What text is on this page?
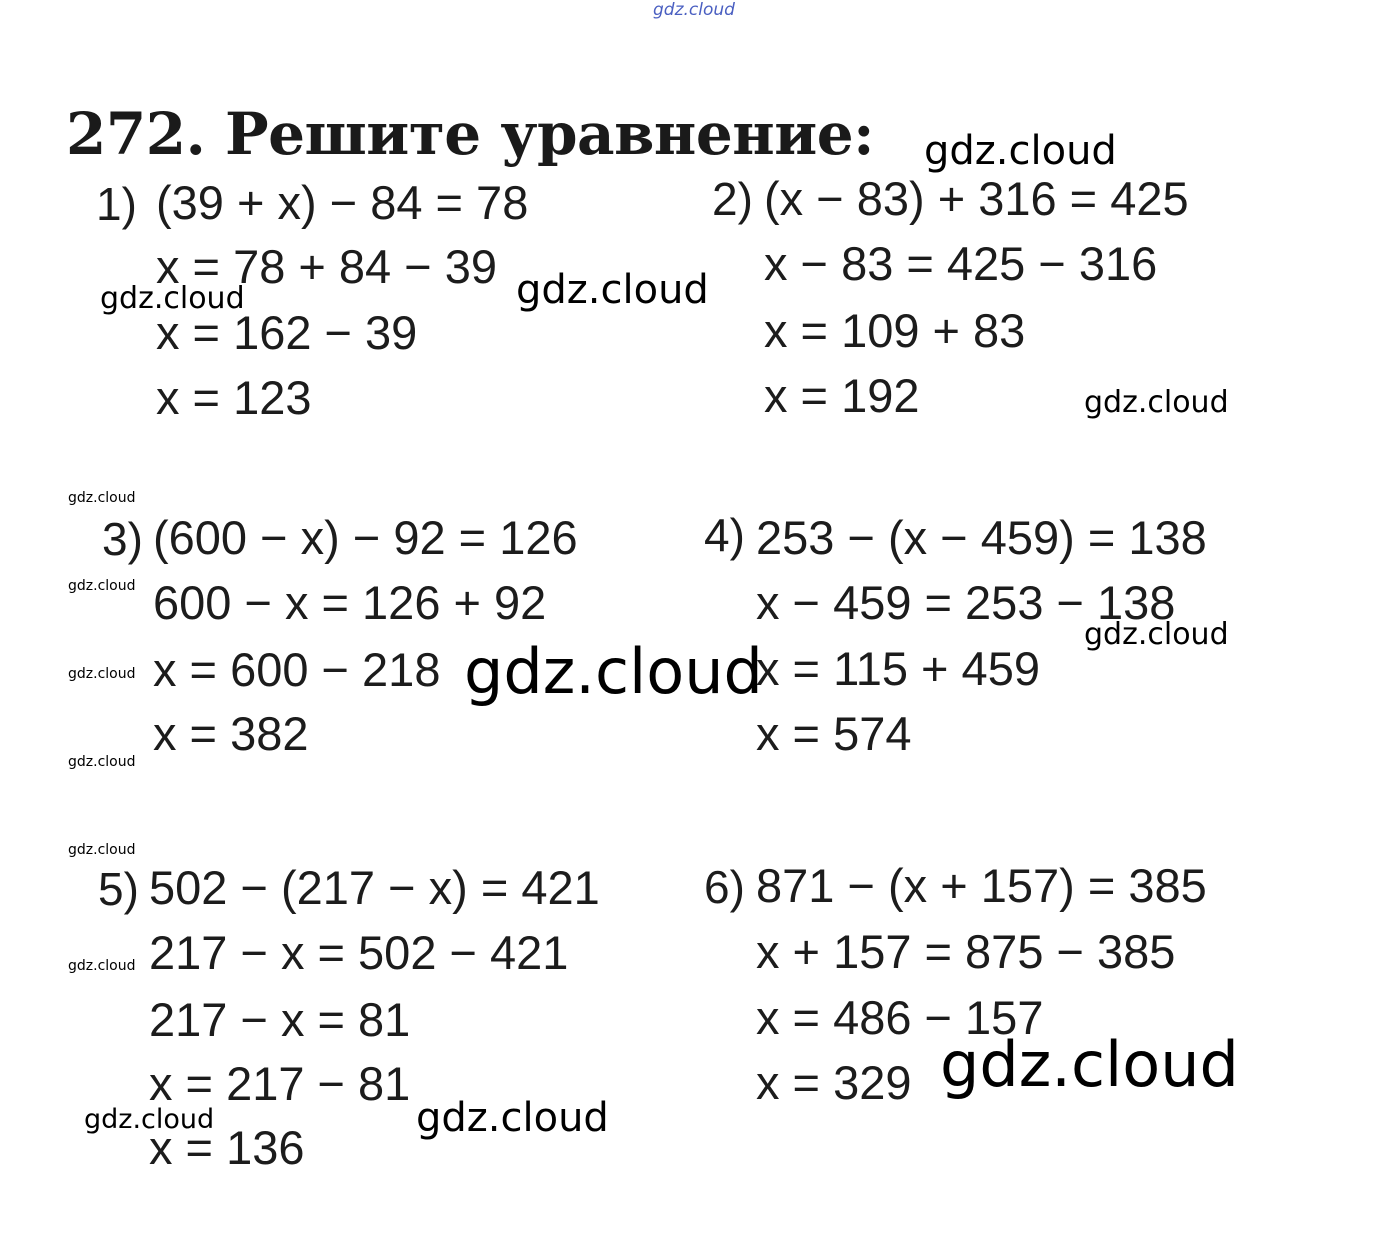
gdz.cloud
272. Решите уравнение:
1) (39 + x) − 84 = 78
x = 78 + 84 − 39
x = 162 − 39
x = 123
2) (x − 83) + 316 = 425
x − 83 = 425 − 316
x = 109 + 83
x = 192
3) (600 − x) − 92 = 126
600 − x = 126 + 92
x = 600 − 218
x = 382
4) 253 − (x − 459) = 138
x − 459 = 253 − 138
x = 115 + 459
x = 574
5) 502 − (217 − x) = 421
217 − x = 502 − 421
217 − x = 81
x = 217 − 81
x = 136
6) 871 − (x + 157) = 385
x + 157 = 875 − 385
x = 486 − 157
x = 329
gdz.cloud
gdz.cloud
gdz.cloud
gdz.cloud
gdz.cloud
gdz.cloud
gdz.cloud
gdz.cloud
gdz.cloud
gdz.cloud
gdz.cloud
gdz.cloud
gdz.cloud
gdz.cloud
gdz.cloud
